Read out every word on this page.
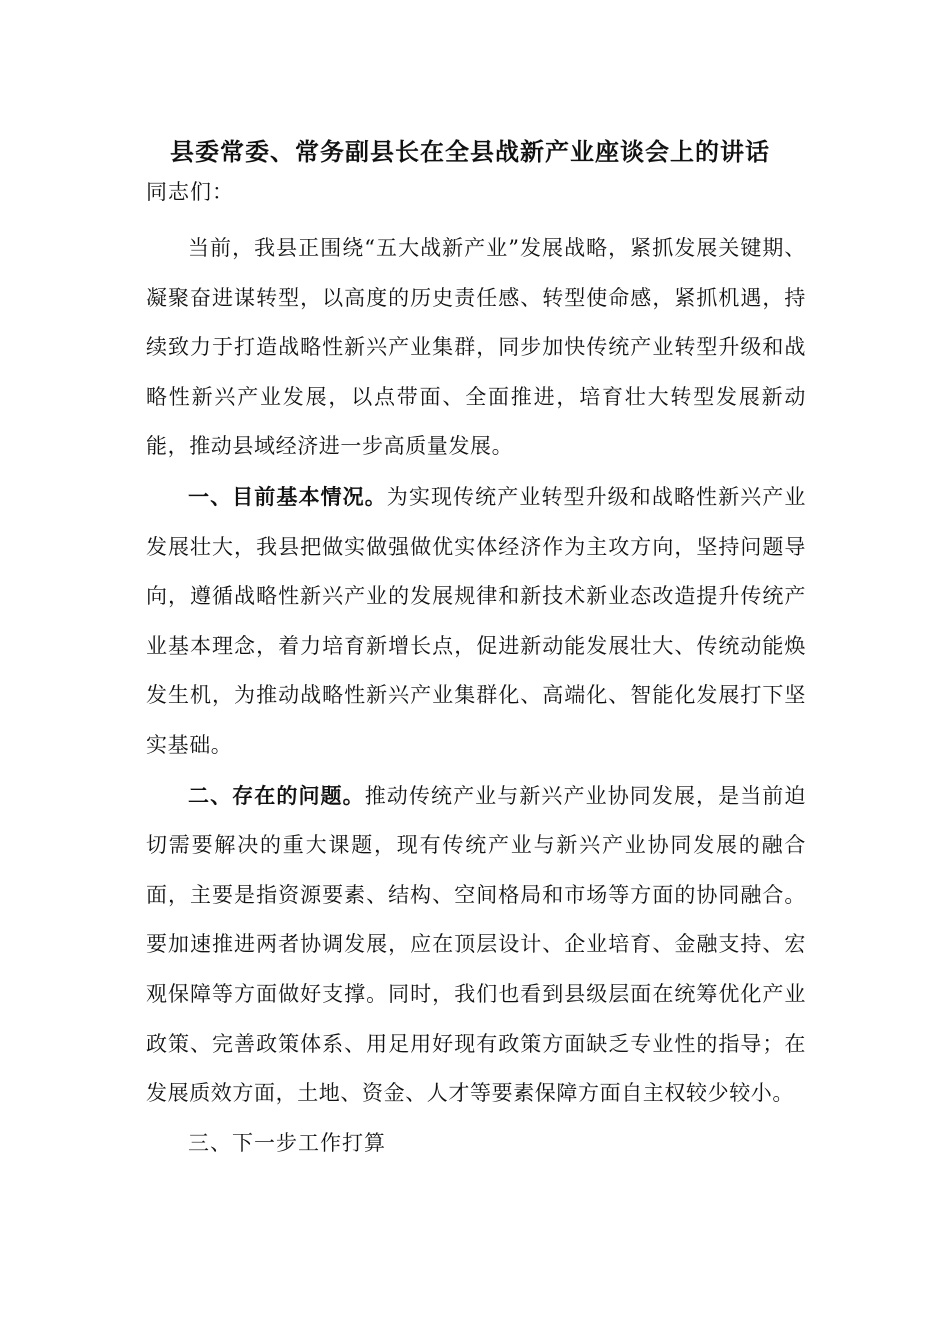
县委常委、常务副县长在全县战新产业座谈会上的讲话

同志们：

当前，我县正围绕“五大战新产业”发展战略，紧抓发展关键期、凝聚奋进谋转型，以高度的历史责任感、转型使命感，紧抓机遇，持续致力于打造战略性新兴产业集群，同步加快传统产业转型升级和战略性新兴产业发展，以点带面、全面推进，培育壮大转型发展新动能，推动县域经济进一步高质量发展。

一、目前基本情况。为实现传统产业转型升级和战略性新兴产业发展壮大，我县把做实做强做优实体经济作为主攻方向，坚持问题导向，遵循战略性新兴产业的发展规律和新技术新业态改造提升传统产业基本理念，着力培育新增长点，促进新动能发展壮大、传统动能焕发生机，为推动战略性新兴产业集群化、高端化、智能化发展打下坚实基础。

二、存在的问题。推动传统产业与新兴产业协同发展，是当前迫切需要解决的重大课题，现有传统产业与新兴产业协同发展的融合面，主要是指资源要素、结构、空间格局和市场等方面的协同融合。要加速推进两者协调发展，应在顶层设计、企业培育、金融支持、宏观保障等方面做好支撑。同时，我们也看到县级层面在统筹优化产业政策、完善政策体系、用足用好现有政策方面缺乏专业性的指导；在发展质效方面，土地、资金、人才等要素保障方面自主权较少较小。

三、下一步工作打算
